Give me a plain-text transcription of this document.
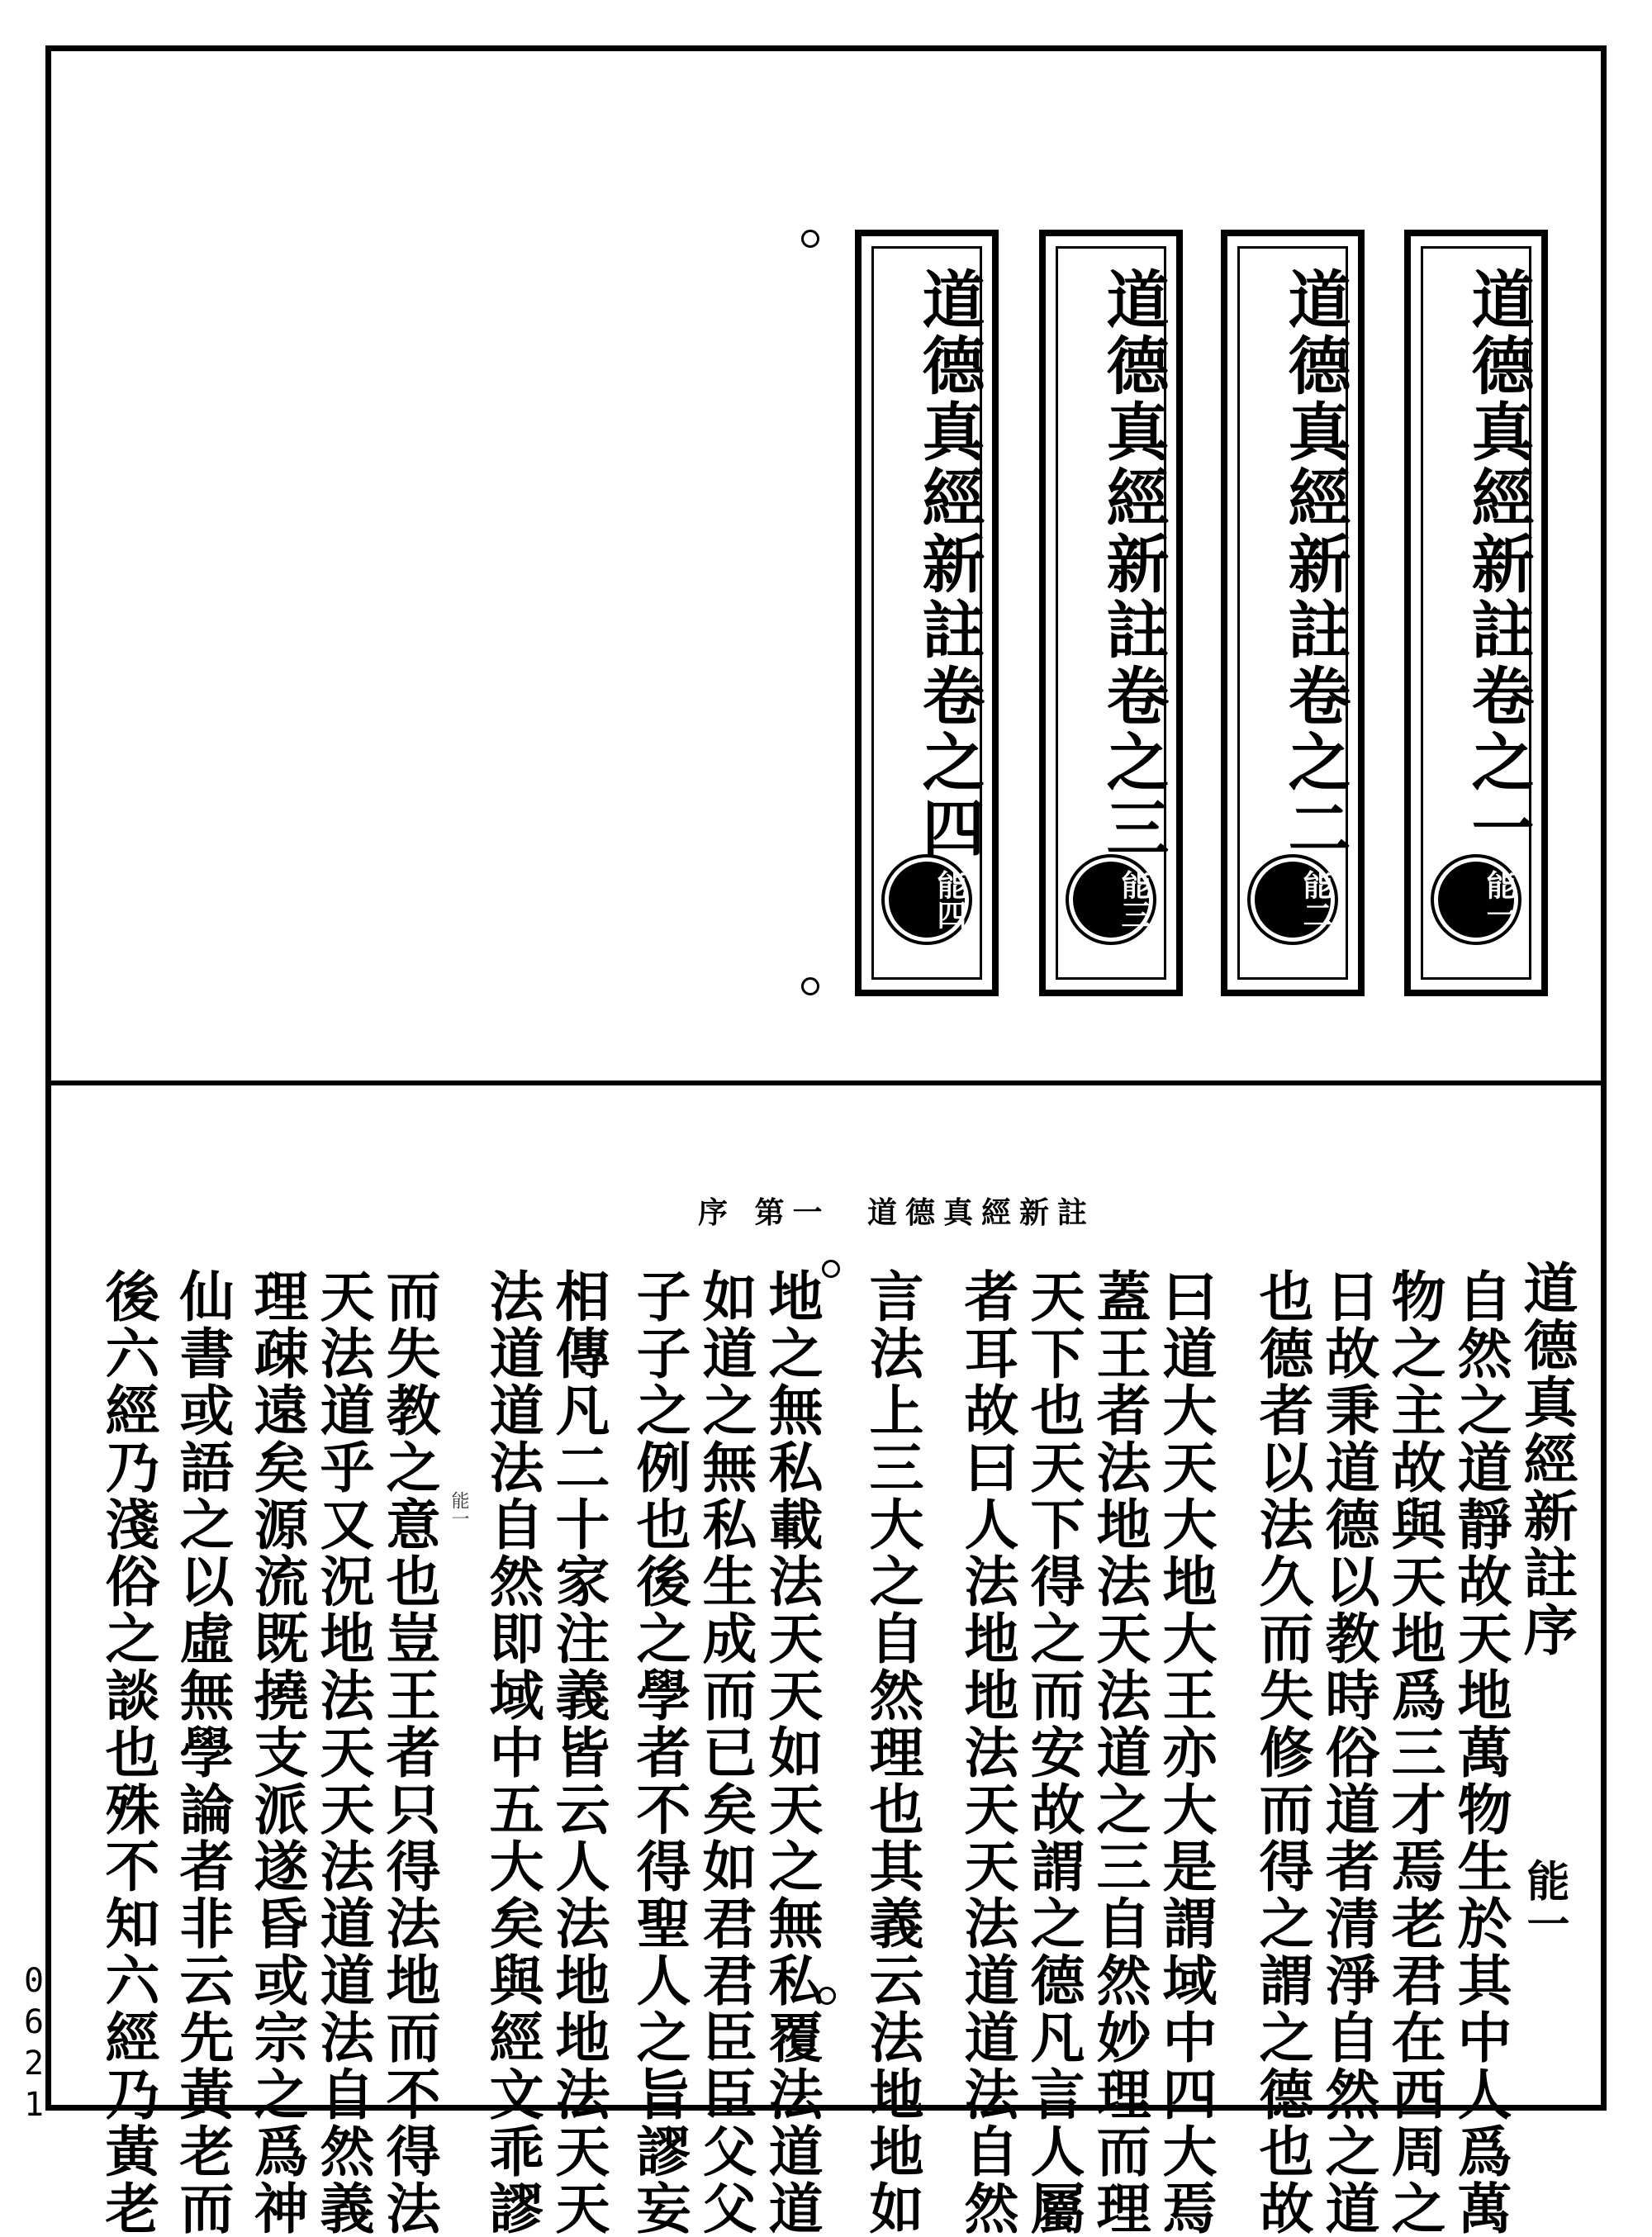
道德真經新註卷之一
能一
道德真經新註卷之二
能二
道德真經新註卷之三
能三
道德真經新註卷之四
能四
道德真經新註
序 第一
能一
道德真經新註序
自然之道靜故天地萬物生於其中人爲萬
物之主故與天地爲三才焉老君在西周之
日故秉道德以教時俗道者清淨自然之道
也德者以法久而失修而得之謂之德也故
曰道大天大地大王亦大是謂域中四大焉
蓋王者法地法天法道之三自然妙理而理
天下也天下得之而安故謂之德凡言人屬
者耳故曰人法地地法天天法道道法自然
言法上三大之自然理也其義云法地地如
地之無私載法天天如天之無私覆法道道
如道之無私生成而已矣如君君臣臣父父
子子之例也後之學者不得聖人之旨謬妄
相傳凡二十家注義皆云人法地地法天天
法道道法自然即域中五大矣與經文乖謬
而失教之意也豈王者只得法地而不得法
天法道乎又況地法天天法道道法自然義
理疎遠矣源流既撓支派遂昏或宗之爲神
仙書或語之以虛無學論者非云先黃老而
後六經乃淺俗之談也殊不知六經乃黃老	能一
0621
